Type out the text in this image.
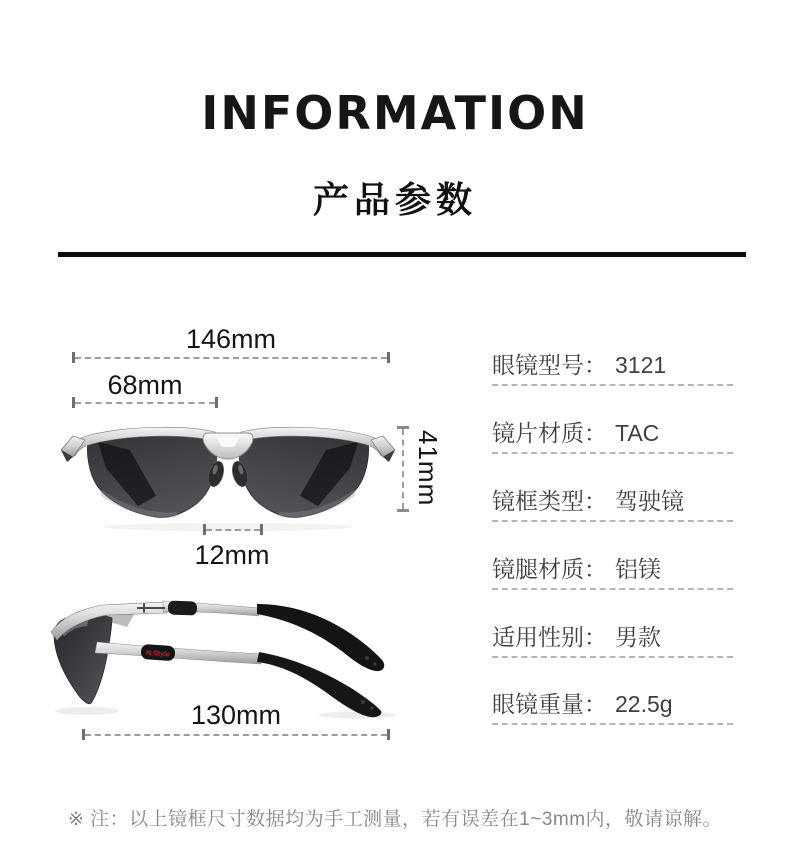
INFORMATION
产品参数
146mm
68mm
41mm
12mm
N.Style
130mm
眼镜型号： 3121
镜片材质： TAC
镜框类型： 驾驶镜
镜腿材质： 铝镁
适用性别： 男款
眼镜重量： 22.5g
※ 注：以上镜框尺寸数据均为手工测量，若有误差在1~3mm内，敬请谅解。
